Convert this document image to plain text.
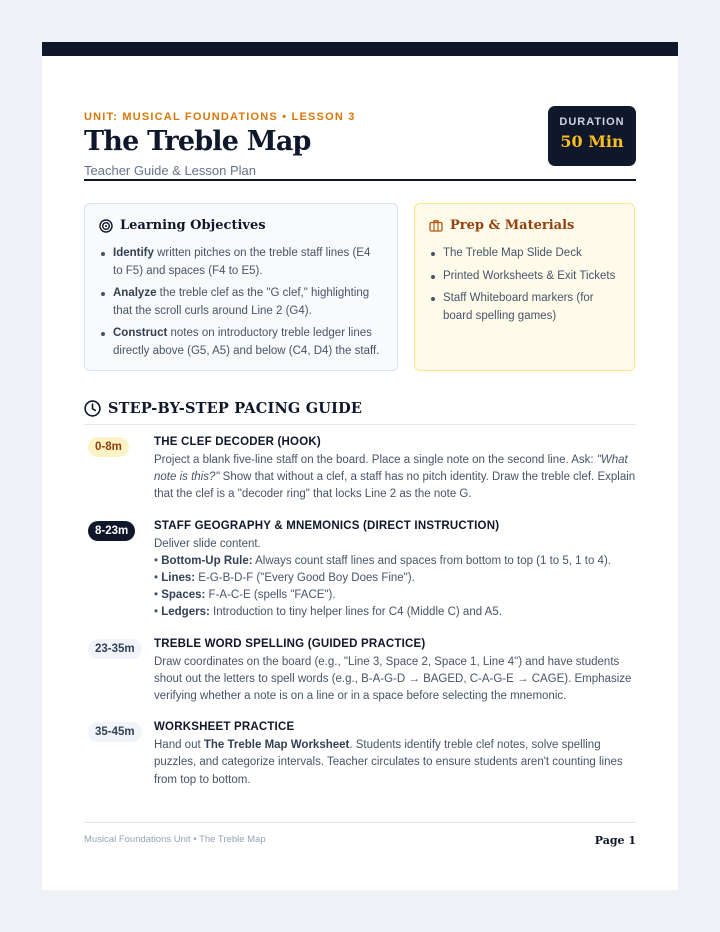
UNIT: MUSICAL FOUNDATIONS • LESSON 3
The Treble Map
Teacher Guide & Lesson Plan
DURATION
50 Min
Learning Objectives
Identify written pitches on the treble staff lines (E4 to F5) and spaces (F4 to E5).
Analyze the treble clef as the "G clef," highlighting that the scroll curls around Line 2 (G4).
Construct notes on introductory treble ledger lines directly above (G5, A5) and below (C4, D4) the staff.
Prep & Materials
The Treble Map Slide Deck
Printed Worksheets & Exit Tickets
Staff Whiteboard markers (for board spelling games)
STEP-BY-STEP PACING GUIDE
0-8m	THE CLEF DECODER (HOOK)
Project a blank five-line staff on the board. Place a single note on the second line. Ask: "What note is this?" Show that without a clef, a staff has no pitch identity. Draw the treble clef. Explain that the clef is a "decoder ring" that locks Line 2 as the note G.
8-23m	STAFF GEOGRAPHY & MNEMONICS (DIRECT INSTRUCTION)
Deliver slide content.
• Bottom-Up Rule: Always count staff lines and spaces from bottom to top (1 to 5, 1 to 4).
• Lines: E-G-B-D-F ("Every Good Boy Does Fine").
• Spaces: F-A-C-E (spells "FACE").
• Ledgers: Introduction to tiny helper lines for C4 (Middle C) and A5.
23-35m	TREBLE WORD SPELLING (GUIDED PRACTICE)
Draw coordinates on the board (e.g., "Line 3, Space 2, Space 1, Line 4") and have students shout out the letters to spell words (e.g., B-A-G-D → BAGED, C-A-G-E → CAGE). Emphasize verifying whether a note is on a line or in a space before selecting the mnemonic.
35-45m	WORKSHEET PRACTICE
Hand out The Treble Map Worksheet. Students identify treble clef notes, solve spelling puzzles, and categorize intervals. Teacher circulates to ensure students aren't counting lines from top to bottom.
Musical Foundations Unit • The Treble Map	Page 1
